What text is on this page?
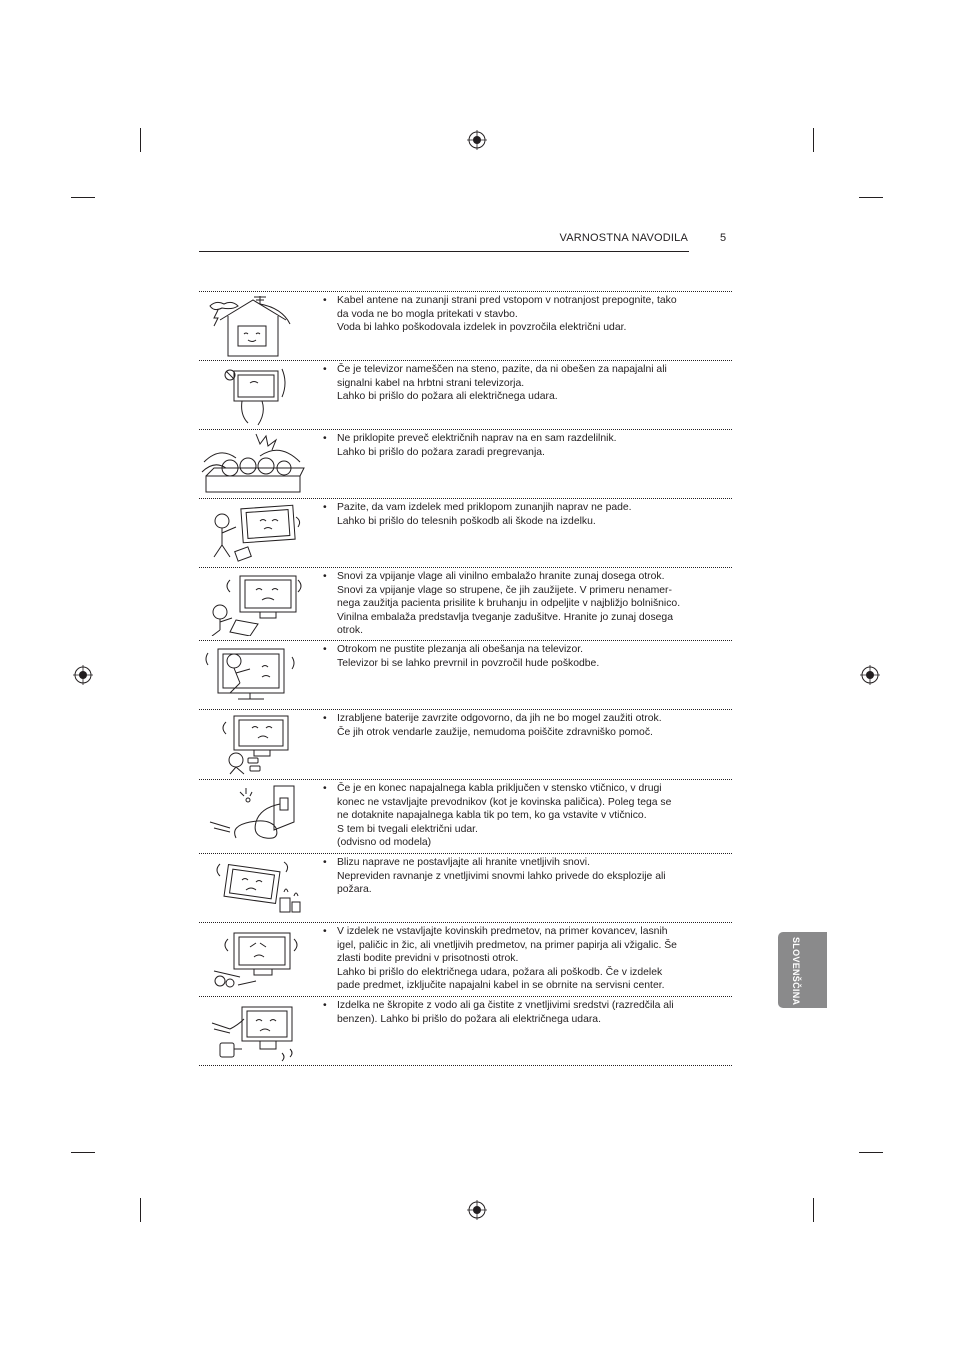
VARNOSTNA NAVODILA	5
SLOVENŠČINA
• Kabel antene na zunanji strani pred vstopom v notranjost prepognite, tako
da voda ne bo mogla pritekati v stavbo.
Voda bi lahko poškodovala izdelek in povzročila električni udar.
• Če je televizor nameščen na steno, pazite, da ni obešen za napajalni ali
signalni kabel na hrbtni strani televizorja.
Lahko bi prišlo do požara ali električnega udara.
• Ne priklopite preveč električnih naprav na en sam razdelilnik.
Lahko bi prišlo do požara zaradi pregrevanja.
• Pazite, da vam izdelek med priklopom zunanjih naprav ne pade.
Lahko bi prišlo do telesnih poškodb ali škode na izdelku.
• Snovi za vpijanje vlage ali vinilno embalažo hranite zunaj dosega otrok.
Snovi za vpijanje vlage so strupene, če jih zaužijete. V primeru nenamer-
nega zaužitja pacienta prisilite k bruhanju in odpeljite v najbližjo bolnišnico.
Vinilna embalaža predstavlja tveganje zadušitve. Hranite jo zunaj dosega
otrok.
• Otrokom ne pustite plezanja ali obešanja na televizor.
Televizor bi se lahko prevrnil in povzročil hude poškodbe.
• Izrabljene baterije zavrzite odgovorno, da jih ne bo mogel zaužiti otrok.
Če jih otrok vendarle zaužije, nemudoma poiščite zdravniško pomoč.
• Če je en konec napajalnega kabla priključen v stensko vtičnico, v drugi
konec ne vstavljajte prevodnikov (kot je kovinska paličica). Poleg tega se
ne dotaknite napajalnega kabla tik po tem, ko ga vstavite v vtičnico.
S tem bi tvegali električni udar.
(odvisno od modela)
• Blizu naprave ne postavljajte ali hranite vnetljivih snovi.
Nepreviden ravnanje z vnetljivimi snovmi lahko privede do eksplozije ali
požara.
• V izdelek ne vstavljajte kovinskih predmetov, na primer kovancev, lasnih
igel, paličic in žic, ali vnetljivih predmetov, na primer papirja ali vžigalic. Še
zlasti bodite previdni v prisotnosti otrok.
Lahko bi prišlo do električnega udara, požara ali poškodb. Če v izdelek
pade predmet, izključite napajalni kabel in se obrnite na servisni center.
• Izdelka ne škropite z vodo ali ga čistite z vnetljivimi sredstvi (razredčila ali
benzen). Lahko bi prišlo do požara ali električnega udara.
